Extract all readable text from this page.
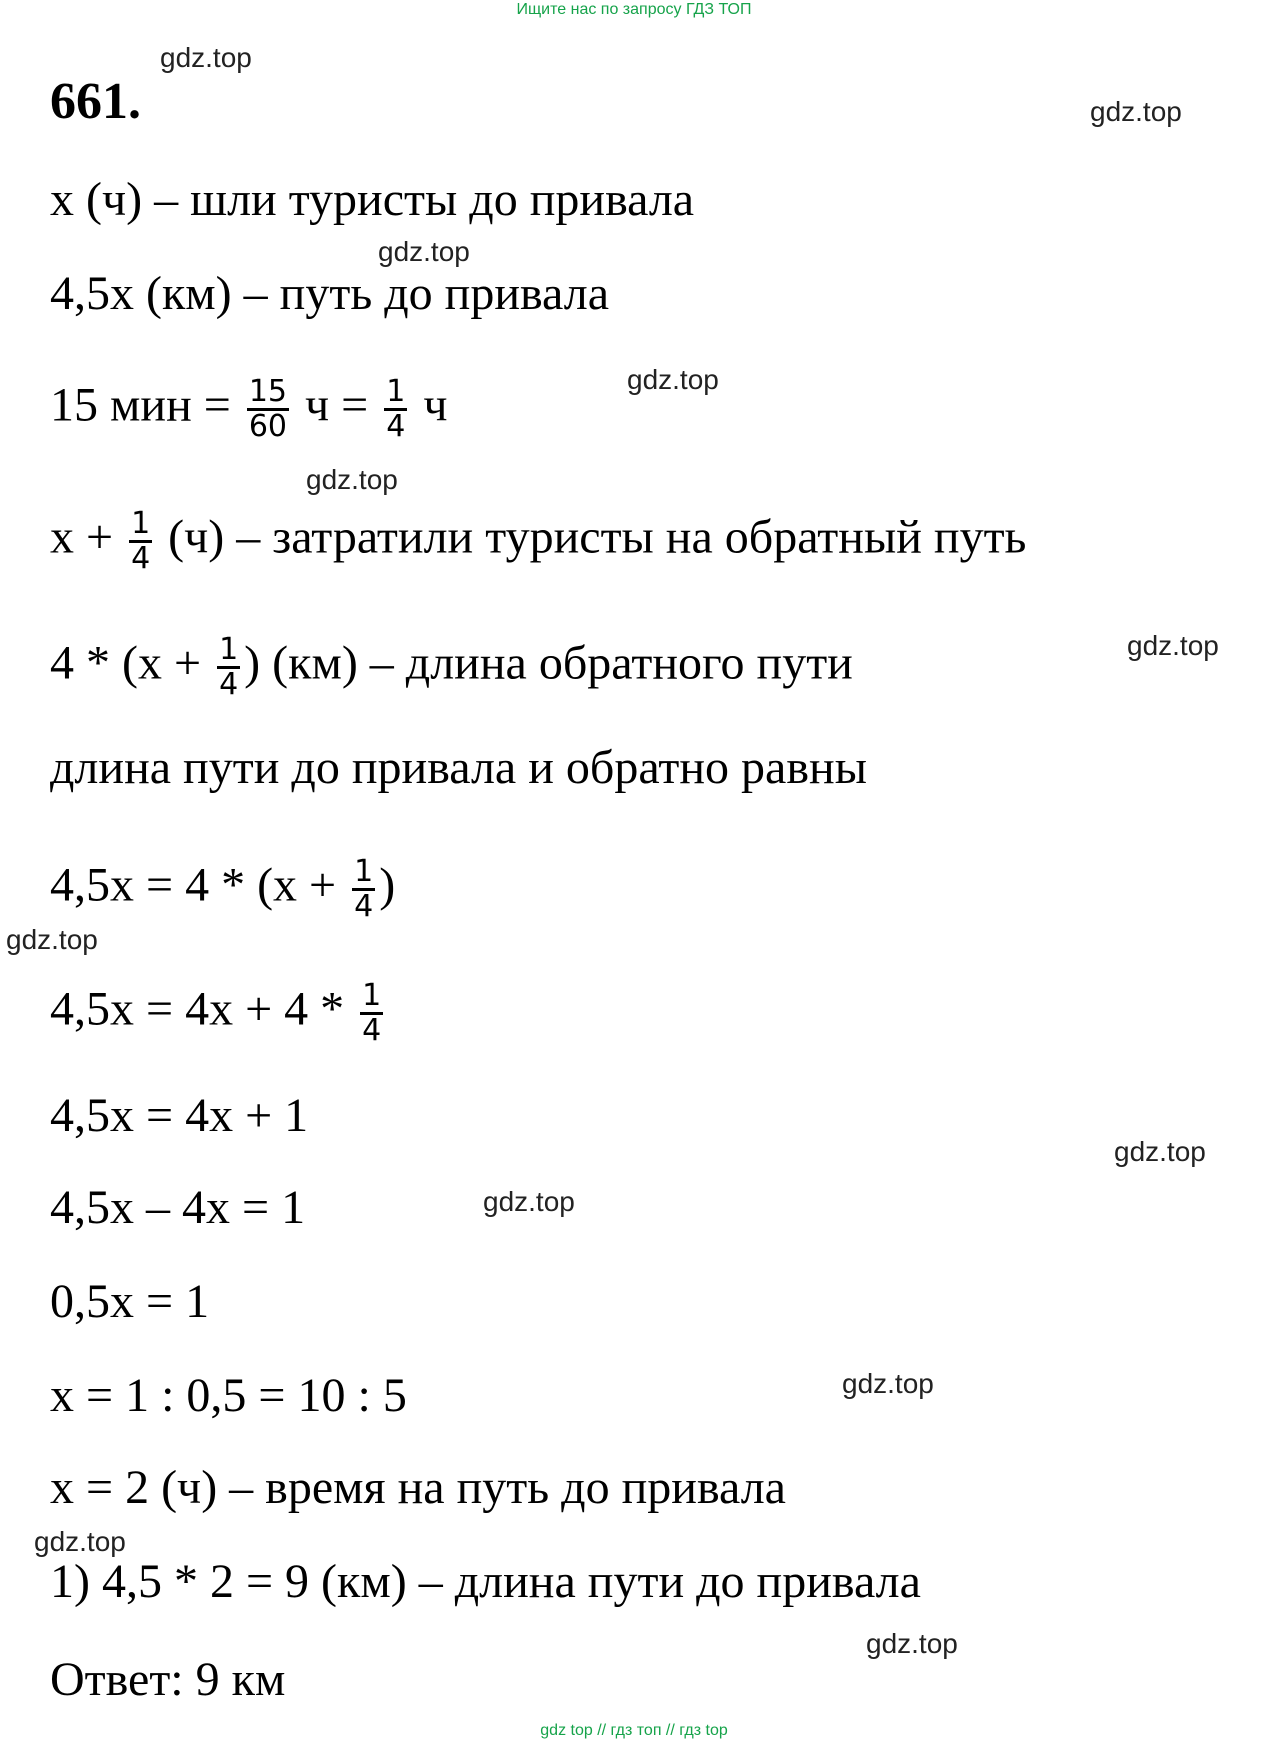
Ищите нас по запросу ГДЗ ТОП
gdz.top
661.	gdz.top
x (ч) – шли туристы до привала
gdz.top
4,5x (км) – путь до привала
15 мин = $\frac{15}{60}$ $ч = \frac{1}{4}$ ч	gdz.top
gdz.top
$x + \frac{1}{4} (ч)$ – затратили туристы на обратный путь
$4 * (x + \frac{1}{4}$ ) (км) – длина обратного пути	gdz.top
длина пути до привала и обратно равны
$4,5x = 4 * (x + \frac{1}{4}$ )
gdz.top
$4,5x = 4x + 4 * \frac{1}{4}$
4,5x = 4x + 1
gdz.top
4,5x – 4x = 1	gdz.top
0,5x = 1
gdz.top
x = 1 : 0,5 = 10 : 5
x = 2 (ч) – время на путь до привала
gdz.top
1) 4,5 * 2 = 9 (км) – длина пути до привала
gdz.top
Ответ: 9 км
gdz top // гдз топ // гдз top
